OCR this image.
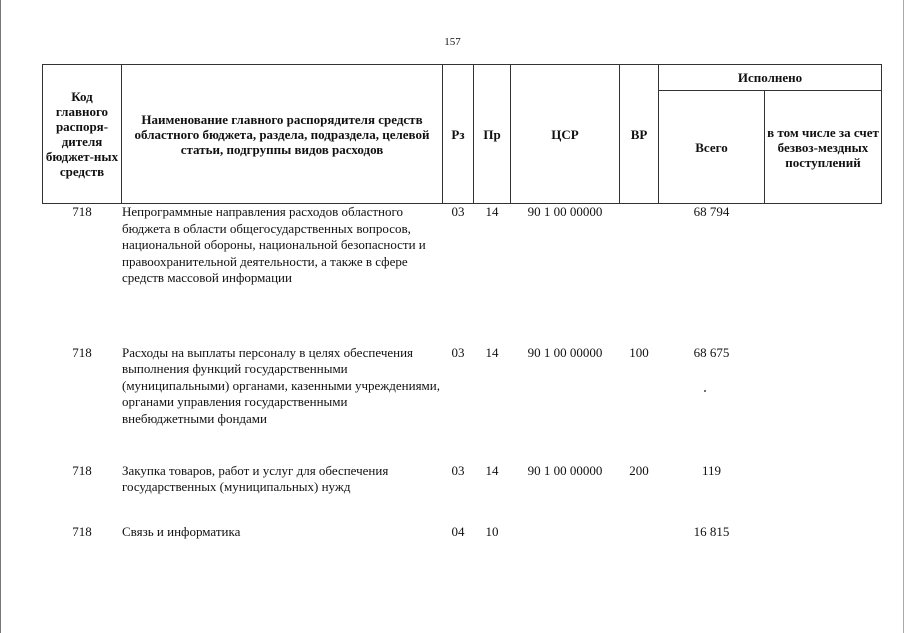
157
Код главного распоря-дителя бюджет-ных средств	Наименование главного распорядителя средств областного бюджета, раздела, подраздела, целевой статьи, подгруппы видов расходов	Рз	Пр	ЦСР	ВР	Исполнено	
						Всего	в том числе за счет безвоз-мездных поступлений
718	Непрограммные направления расходов областного бюджета в области общегосударственных вопросов, национальной обороны, национальной безопасности и правоохранительной деятельности, а также в сфере средств массовой информации	03	14	90 1 00 00000		68 794	
718	Расходы на выплаты персоналу в целях обеспечения выполнения функций государственными (муниципальными) органами, казенными учреждениями, органами управления государственными внебюджетными фондами	03	14	90 1 00 00000	100	68 675	
718	Закупка товаров, работ и услуг для обеспечения государственных (муниципальных) нужд	03	14	90 1 00 00000	200	119	
718	Связь и информатика	04	10			16 815	
